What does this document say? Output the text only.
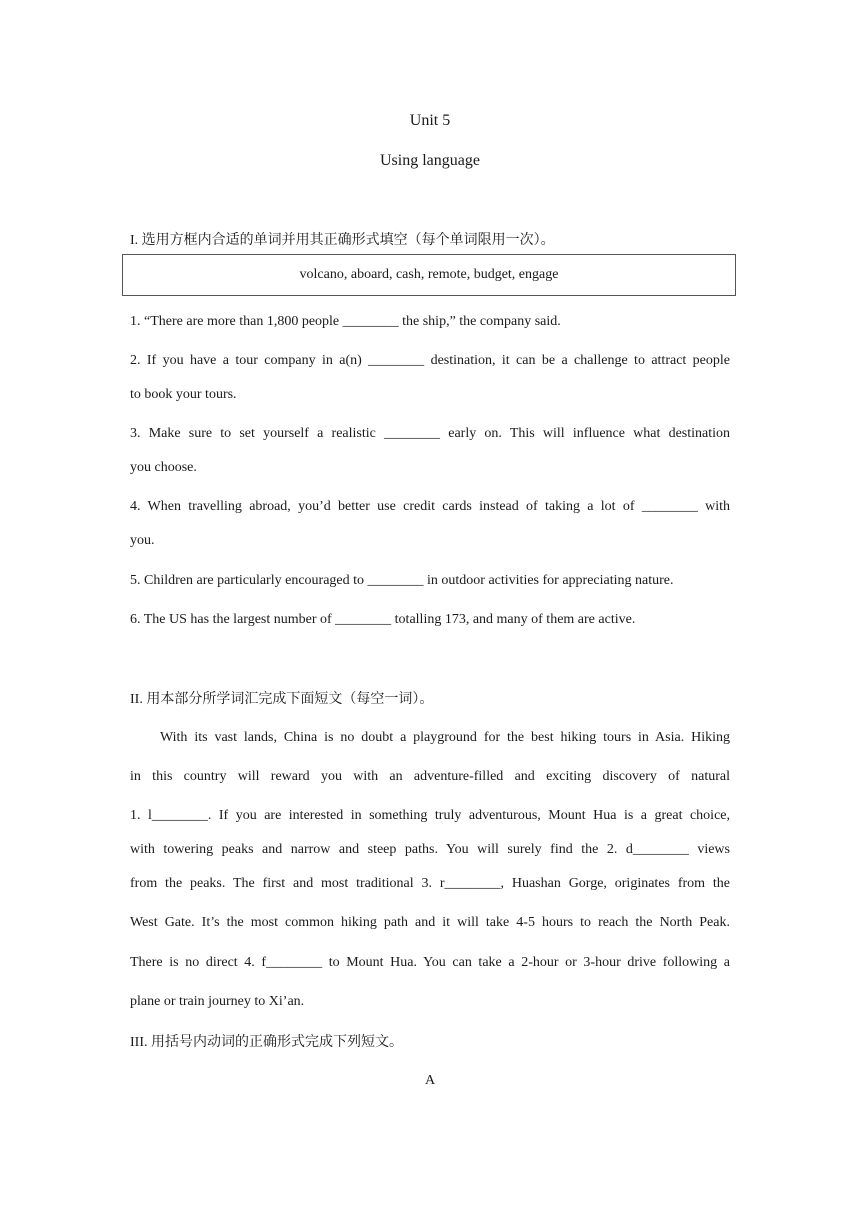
Unit 5
Using language
I. 选用方框内合适的单词并用其正确形式填空（每个单词限用一次）。
volcano, aboard, cash, remote, budget, engage
1. “There are more than 1,800 people ________ the ship,” the company said.
2. If you have a tour company in a(n) ________ destination, it can be a challenge to attract people
to book your tours.
3. Make sure to set yourself a realistic ________ early on. This will influence what destination
you choose.
4. When travelling abroad, you’d better use credit cards instead of taking a lot of ________ with
you.
5. Children are particularly encouraged to ________ in outdoor activities for appreciating nature.
6. The US has the largest number of ________ totalling 173, and many of them are active.
II. 用本部分所学词汇完成下面短文（每空一词）。
With its vast lands, China is no doubt a playground for the best hiking tours in Asia. Hiking
in this country will reward you with an adventure-filled and exciting discovery of natural
1. l________. If you are interested in something truly adventurous, Mount Hua is a great choice,
with towering peaks and narrow and steep paths. You will surely find the 2. d________ views
from the peaks. The first and most traditional 3. r________, Huashan Gorge, originates from the
West Gate. It’s the most common hiking path and it will take 4-5 hours to reach the North Peak.
There is no direct 4. f________ to Mount Hua. You can take a 2-hour or 3-hour drive following a
plane or train journey to Xi’an.
III. 用括号内动词的正确形式完成下列短文。
A
